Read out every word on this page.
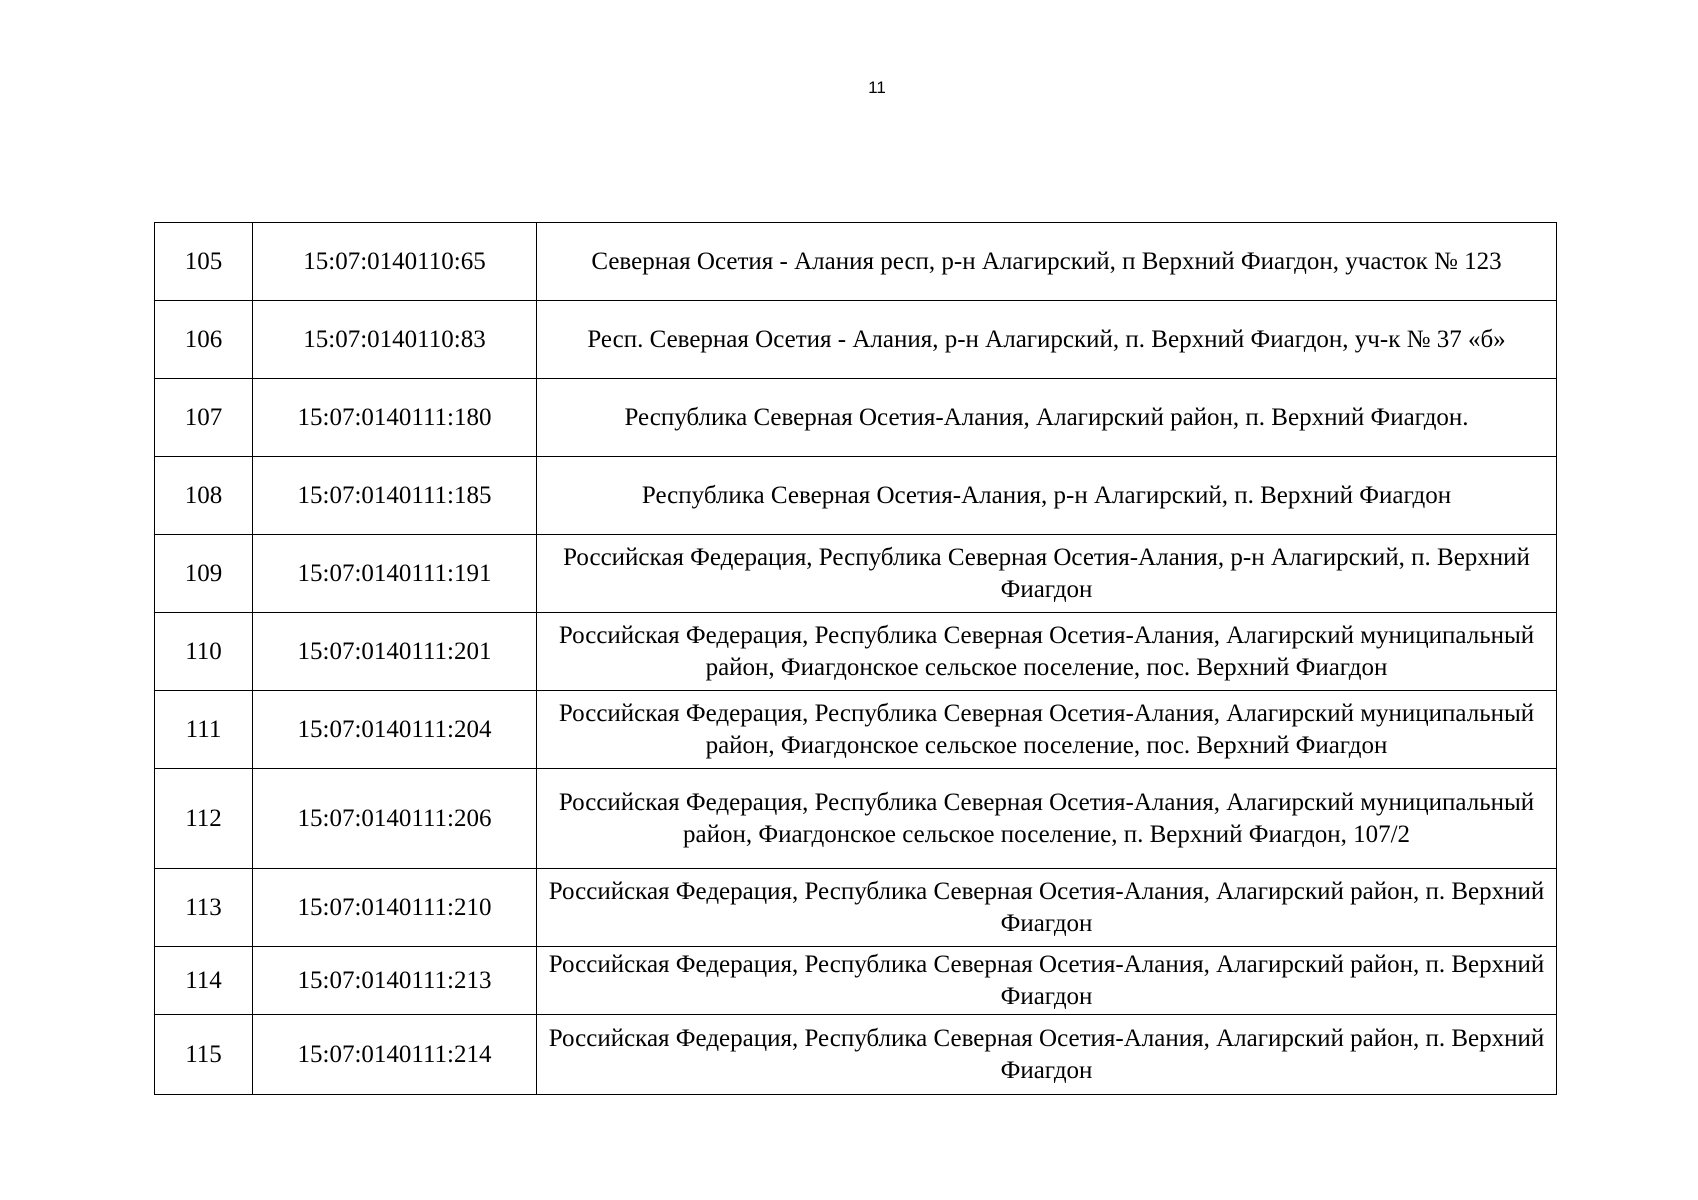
11
105	15:07:0140110:65	Северная Осетия - Алания респ, р-н Алагирский, п Верхний Фиагдон, участок № 123
106	15:07:0140110:83	Респ. Северная Осетия - Алания, р-н Алагирский, п. Верхний Фиагдон, уч-к № 37 «б»
107	15:07:0140111:180	Республика Северная Осетия-Алания, Алагирский район, п. Верхний Фиагдон.
108	15:07:0140111:185	Республика Северная Осетия-Алания, р-н Алагирский, п. Верхний Фиагдон
109	15:07:0140111:191	Российская Федерация, Республика Северная Осетия-Алания, р-н Алагирский, п. Верхний Фиагдон
110	15:07:0140111:201	Российская Федерация, Республика Северная Осетия-Алания, Алагирский муниципальный район, Фиагдонское сельское поселение, пос. Верхний Фиагдон
111	15:07:0140111:204	Российская Федерация, Республика Северная Осетия-Алания, Алагирский муниципальный район, Фиагдонское сельское поселение, пос. Верхний Фиагдон
112	15:07:0140111:206	Российская Федерация, Республика Северная Осетия-Алания, Алагирский муниципальный район, Фиагдонское сельское поселение, п. Верхний Фиагдон, 107/2
113	15:07:0140111:210	Российская Федерация, Республика Северная Осетия-Алания, Алагирский район, п. Верхний Фиагдон
114	15:07:0140111:213	Российская Федерация, Республика Северная Осетия-Алания, Алагирский район, п. Верхний Фиагдон
115	15:07:0140111:214	Российская Федерация, Республика Северная Осетия-Алания, Алагирский район, п. Верхний Фиагдон
